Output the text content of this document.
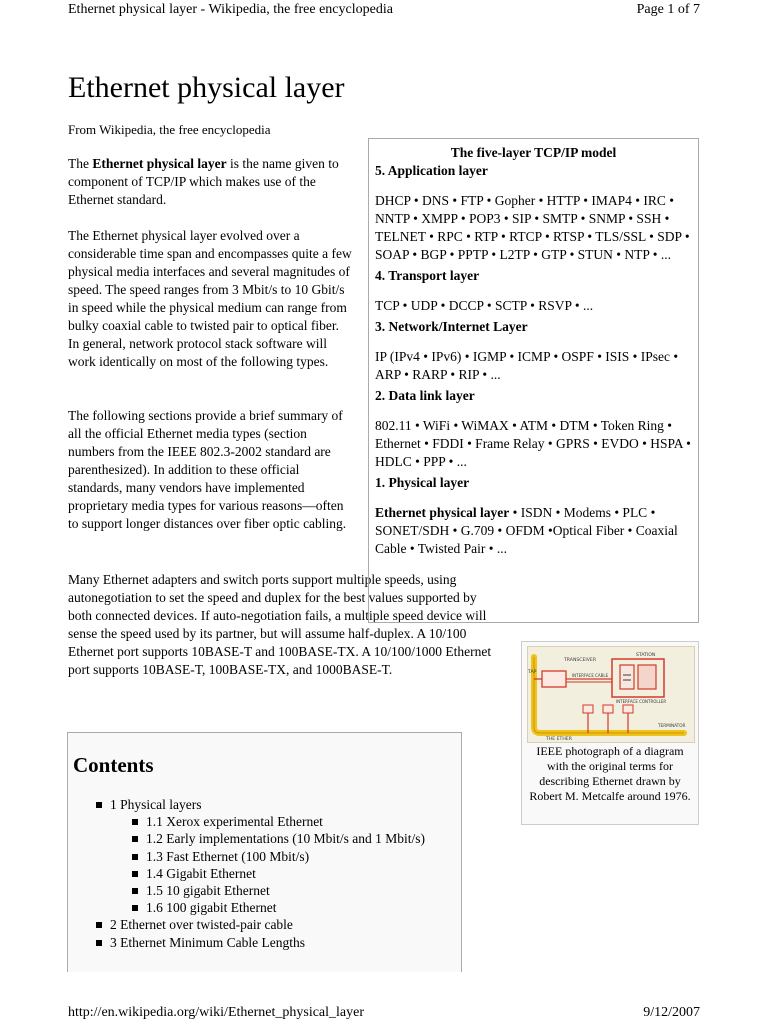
Ethernet physical layer - Wikipedia, the free encyclopedia	Page 1 of 7
Ethernet physical layer
From Wikipedia, the free encyclopedia

The Ethernet physical layer is the name given to component of TCP/IP which makes use of the Ethernet standard.

The Ethernet physical layer evolved over a considerable time span and encompasses quite a few physical media interfaces and several magnitudes of speed. The speed ranges from 3 Mbit/s to 10 Gbit/s in speed while the physical medium can range from bulky coaxial cable to twisted pair to optical fiber. In general, network protocol stack software will work identically on most of the following types.

The following sections provide a brief summary of all the official Ethernet media types (section numbers from the IEEE 802.3-2002 standard are parenthesized). In addition to these official standards, many vendors have implemented proprietary media types for various reasons—often to support longer distances over fiber optic cabling.

Many Ethernet adapters and switch ports support multiple speeds, using autonegotiation to set the speed and duplex for the best values supported by both connected devices. If auto-negotiation fails, a multiple speed device will sense the speed used by its partner, but will assume half-duplex. A 10/100 Ethernet port supports 10BASE-T and 100BASE-TX. A 10/100/1000 Ethernet port supports 10BASE-T, 100BASE-TX, and 1000BASE-T.

The five-layer TCP/IP model
5. Application layer
DHCP • DNS • FTP • Gopher • HTTP • IMAP4 • IRC • NNTP • XMPP • POP3 • SIP • SMTP • SNMP • SSH • TELNET • RPC • RTP • RTCP • RTSP • TLS/SSL • SDP • SOAP • BGP • PPTP • L2TP • GTP • STUN • NTP • ...
4. Transport layer
TCP • UDP • DCCP • SCTP • RSVP • ...
3. Network/Internet Layer
IP (IPv4 • IPv6) • IGMP • ICMP • OSPF • ISIS • IPsec • ARP • RARP • RIP • ...
2. Data link layer
802.11 • WiFi • WiMAX • ATM • DTM • Token Ring • Ethernet • FDDI • Frame Relay • GPRS • EVDO • HSPA • HDLC • PPP • ...
1. Physical layer
Ethernet physical layer • ISDN • Modems • PLC • SONET/SDH • G.709 • OFDM •Optical Fiber • Coaxial Cable • Twisted Pair • ...
STATION
TRANSCEIVER
INTERFACE CABLE
INTERFACE CONTROLLER
TAP
TERMINATOR
THE ETHER
IEEE photograph of a diagram with the original terms for describing Ethernet drawn by Robert M. Metcalfe around 1976.
Contents
1 Physical layers
1.1 Xerox experimental Ethernet
1.2 Early implementations (10 Mbit/s and 1 Mbit/s)
1.3 Fast Ethernet (100 Mbit/s)
1.4 Gigabit Ethernet
1.5 10 gigabit Ethernet
1.6 100 gigabit Ethernet
2 Ethernet over twisted-pair cable
3 Ethernet Minimum Cable Lengths
http://en.wikipedia.org/wiki/Ethernet_physical_layer	9/12/2007
